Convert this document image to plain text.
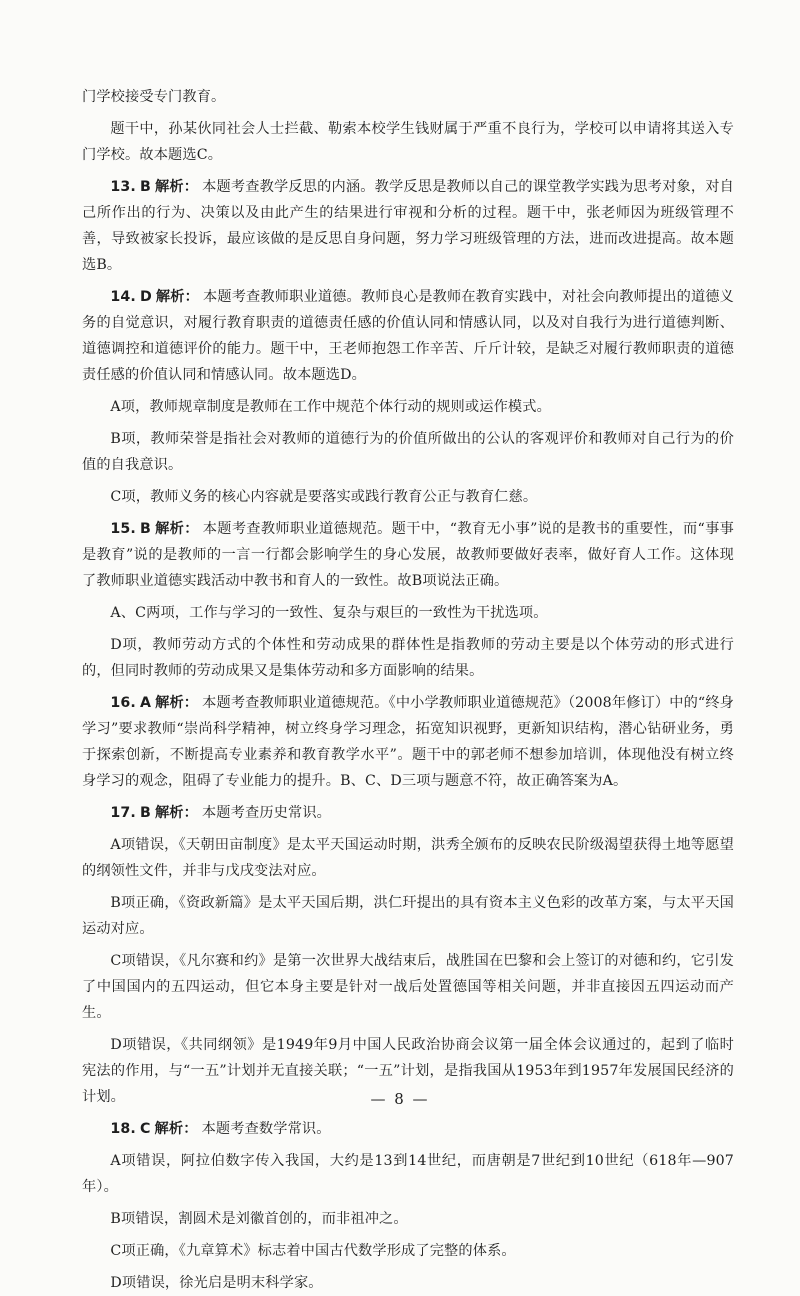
门学校接受专门教育。

题干中，孙某伙同社会人士拦截、勒索本校学生钱财属于严重不良行为，学校可以申请将其送入专门学校。故本题选C。

13. B 解析： 本题考查教学反思的内涵。教学反思是教师以自己的课堂教学实践为思考对象，对自己所作出的行为、决策以及由此产生的结果进行审视和分析的过程。题干中，张老师因为班级管理不善，导致被家长投诉，最应该做的是反思自身问题，努力学习班级管理的方法，进而改进提高。故本题选B。

14. D 解析： 本题考查教师职业道德。教师良心是教师在教育实践中，对社会向教师提出的道德义务的自觉意识，对履行教育职责的道德责任感的价值认同和情感认同，以及对自我行为进行道德判断、道德调控和道德评价的能力。题干中，王老师抱怨工作辛苦、斤斤计较，是缺乏对履行教师职责的道德责任感的价值认同和情感认同。故本题选D。

A项，教师规章制度是教师在工作中规范个体行动的规则或运作模式。

B项，教师荣誉是指社会对教师的道德行为的价值所做出的公认的客观评价和教师对自己行为的价值的自我意识。

C项，教师义务的核心内容就是要落实或践行教育公正与教育仁慈。

15. B 解析： 本题考查教师职业道德规范。题干中，“教育无小事”说的是教书的重要性，而“事事是教育”说的是教师的一言一行都会影响学生的身心发展，故教师要做好表率，做好育人工作。这体现了教师职业道德实践活动中教书和育人的一致性。故B项说法正确。

A、C两项，工作与学习的一致性、复杂与艰巨的一致性为干扰选项。

D项，教师劳动方式的个体性和劳动成果的群体性是指教师的劳动主要是以个体劳动的形式进行的，但同时教师的劳动成果又是集体劳动和多方面影响的结果。

16. A 解析： 本题考查教师职业道德规范。《中小学教师职业道德规范》（2008年修订）中的“终身学习”要求教师“崇尚科学精神，树立终身学习理念，拓宽知识视野，更新知识结构，潜心钻研业务，勇于探索创新，不断提高专业素养和教育教学水平”。题干中的郭老师不想参加培训，体现他没有树立终身学习的观念，阻碍了专业能力的提升。B、C、D三项与题意不符，故正确答案为A。

17. B 解析： 本题考查历史常识。

A项错误，《天朝田亩制度》是太平天国运动时期，洪秀全颁布的反映农民阶级渴望获得土地等愿望的纲领性文件，并非与戊戌变法对应。

B项正确，《资政新篇》是太平天国后期，洪仁玕提出的具有资本主义色彩的改革方案，与太平天国运动对应。

C项错误，《凡尔赛和约》是第一次世界大战结束后，战胜国在巴黎和会上签订的对德和约，它引发了中国国内的五四运动，但它本身主要是针对一战后处置德国等相关问题，并非直接因五四运动而产生。

D项错误，《共同纲领》是1949年9月中国人民政治协商会议第一届全体会议通过的，起到了临时宪法的作用，与“一五”计划并无直接关联；“一五”计划，是指我国从1953年到1957年发展国民经济的计划。

18. C 解析： 本题考查数学常识。

A项错误，阿拉伯数字传入我国，大约是13到14世纪，而唐朝是7世纪到10世纪（618年—907年）。

B项错误，割圆术是刘徽首创的，而非祖冲之。

C项正确，《九章算术》标志着中国古代数学形成了完整的体系。

D项错误，徐光启是明末科学家。

— 8 —
